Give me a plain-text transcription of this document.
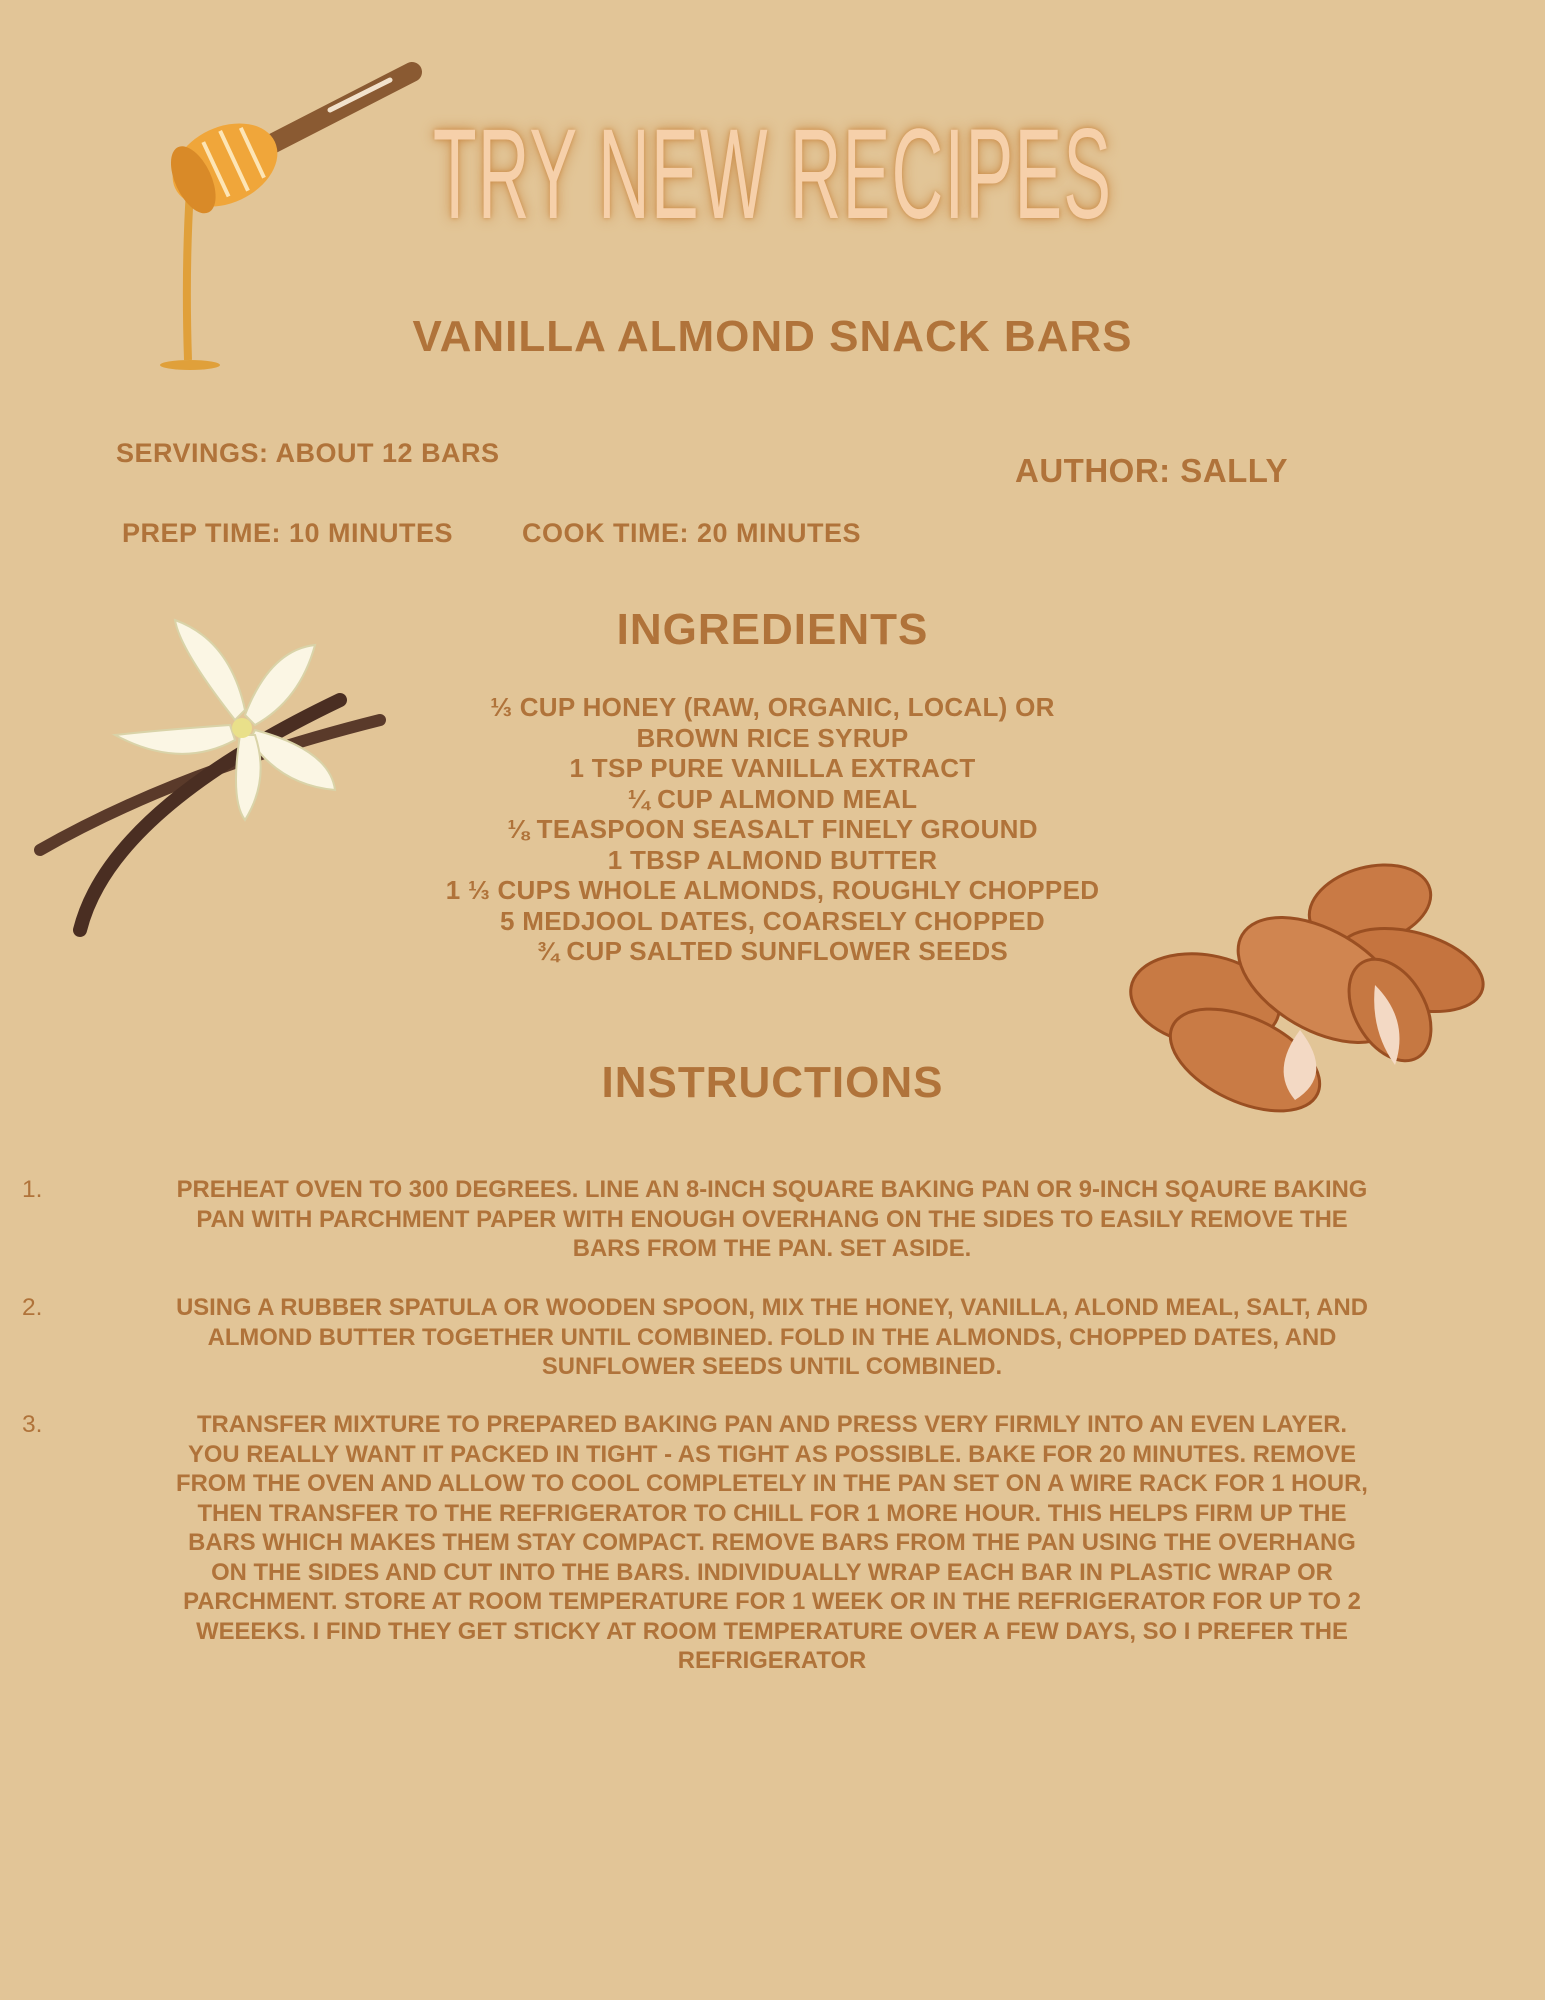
TRY NEW RECIPES
VANILLA ALMOND SNACK BARS
SERVINGS: ABOUT 12 BARS	AUTHOR: SALLY
PREP TIME: 10 MINUTES	COOK TIME: 20 MINUTES
INGREDIENTS
⅓ CUP HONEY (RAW, ORGANIC, LOCAL) OR
BROWN RICE SYRUP
1 TSP PURE VANILLA EXTRACT
¼ CUP ALMOND MEAL
⅛ TEASPOON SEASALT FINELY GROUND
1 TBSP ALMOND BUTTER
1 ⅓ CUPS WHOLE ALMONDS, ROUGHLY CHOPPED
5 MEDJOOL DATES, COARSELY CHOPPED
¾ CUP SALTED SUNFLOWER SEEDS
INSTRUCTIONS
1.	PREHEAT OVEN TO 300 DEGREES. LINE AN 8-INCH SQUARE BAKING PAN OR 9-INCH SQAURE BAKING
PAN WITH PARCHMENT PAPER WITH ENOUGH OVERHANG ON THE SIDES TO EASILY REMOVE THE
BARS FROM THE PAN. SET ASIDE.
2.	USING A RUBBER SPATULA OR WOODEN SPOON, MIX THE HONEY, VANILLA, ALOND MEAL, SALT, AND
ALMOND BUTTER TOGETHER UNTIL COMBINED. FOLD IN THE ALMONDS, CHOPPED DATES, AND
SUNFLOWER SEEDS UNTIL COMBINED.
3.	TRANSFER MIXTURE TO PREPARED BAKING PAN AND PRESS VERY FIRMLY INTO AN EVEN LAYER.
YOU REALLY WANT IT PACKED IN TIGHT - AS TIGHT AS POSSIBLE. BAKE FOR 20 MINUTES. REMOVE
FROM THE OVEN AND ALLOW TO COOL COMPLETELY IN THE PAN SET ON A WIRE RACK FOR 1 HOUR,
THEN TRANSFER TO THE REFRIGERATOR TO CHILL FOR 1 MORE HOUR. THIS HELPS FIRM UP THE
BARS WHICH MAKES THEM STAY COMPACT. REMOVE BARS FROM THE PAN USING THE OVERHANG
ON THE SIDES AND CUT INTO THE BARS. INDIVIDUALLY WRAP EACH BAR IN PLASTIC WRAP OR
PARCHMENT. STORE AT ROOM TEMPERATURE FOR 1 WEEK OR IN THE REFRIGERATOR FOR UP TO 2
WEEEKS. I FIND THEY GET STICKY AT ROOM TEMPERATURE OVER A FEW DAYS, SO I PREFER THE
REFRIGERATOR
